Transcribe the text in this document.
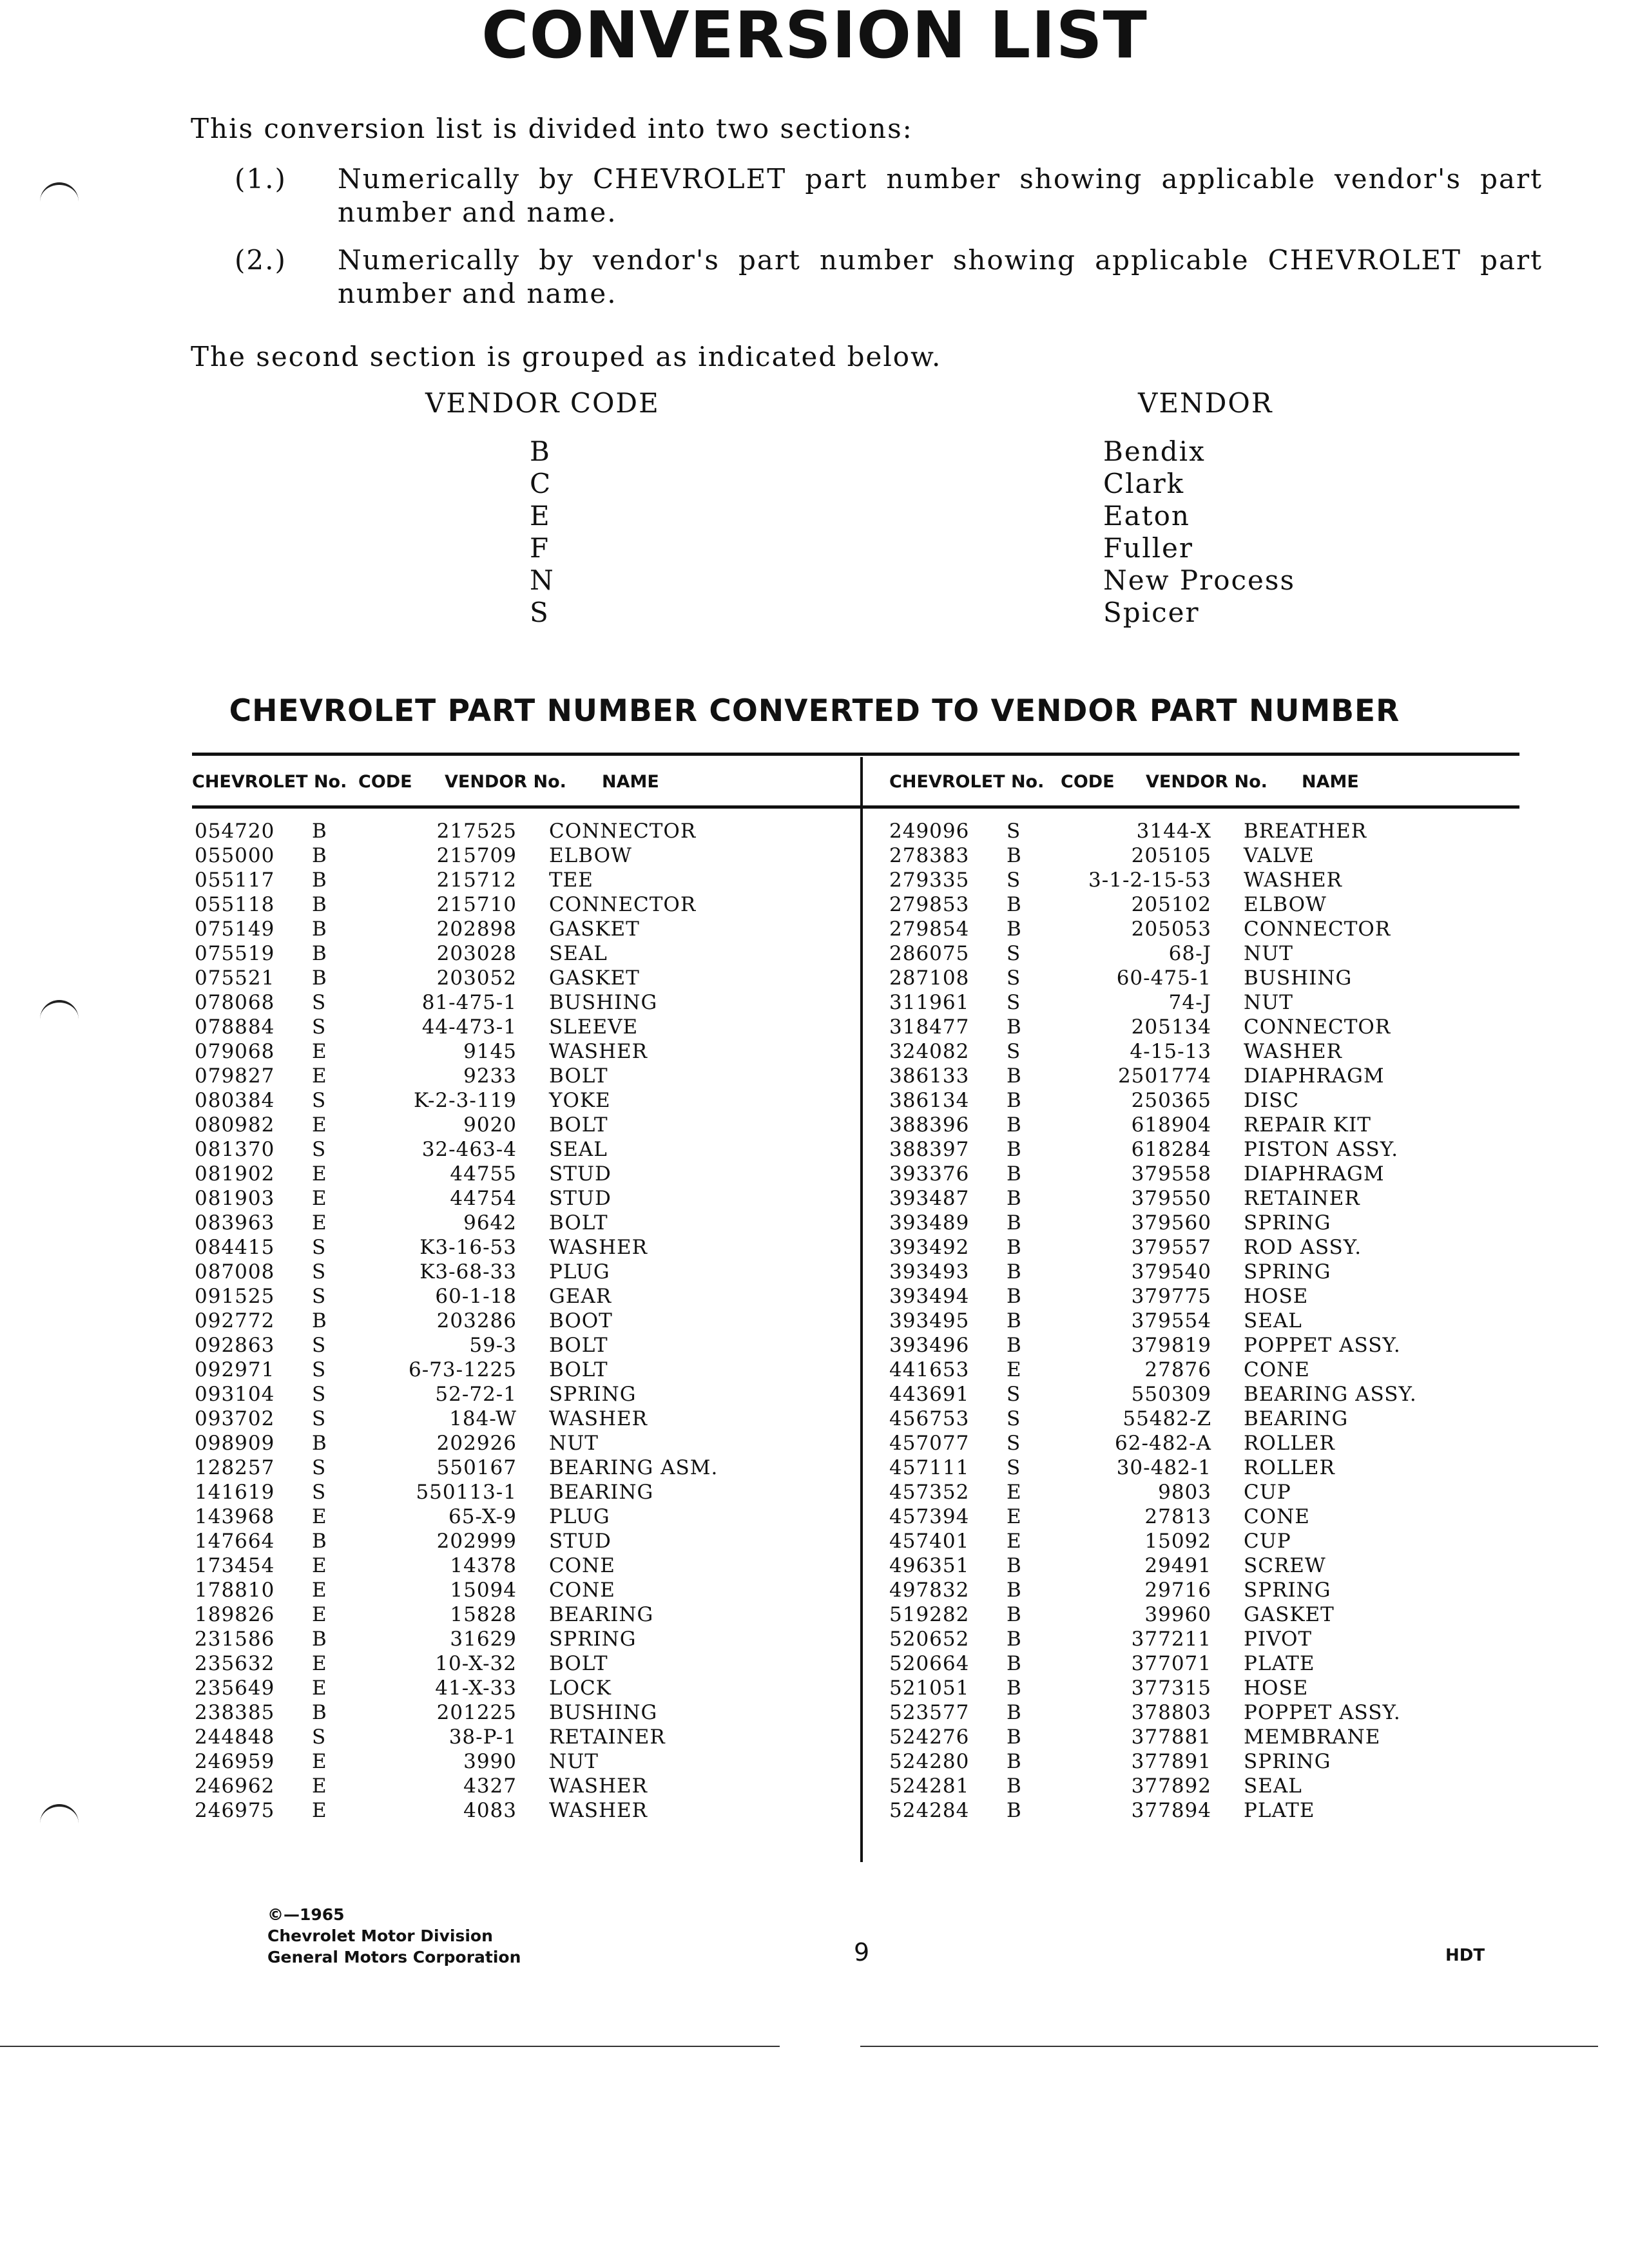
CONVERSION LIST
This conversion list is divided into two sections:
(1.) Numerically by CHEVROLET part number showing applicable vendor's part number and name.
(2.) Numerically by vendor's part number showing applicable CHEVROLET part number and name.
The second section is grouped as indicated below.
VENDOR CODE	VENDOR
B	Bendix
C	Clark
E	Eaton
F	Fuller
N	New Process
S	Spicer
CHEVROLET PART NUMBER CONVERTED TO VENDOR PART NUMBER
CHEVROLET No. CODE VENDOR No. NAME	CHEVROLET No. CODE VENDOR No. NAME
054720	B	217525 CONNECTOR
055000	B	215709 ELBOW
055117	B	215712 TEE
055118	B	215710 CONNECTOR
075149	B	202898 GASKET
075519	B	203028 SEAL
075521	B	203052 GASKET
078068	S	81-475-1 BUSHING
078884	S	44-473-1 SLEEVE
079068	E	9145 WASHER
079827	E	9233 BOLT
080384	S	K-2-3-119 YOKE
080982	E	9020 BOLT
081370	S	32-463-4 SEAL
081902	E	44755 STUD
081903	E	44754 STUD
083963	E	9642 BOLT
084415	S	K3-16-53 WASHER
087008	S	K3-68-33 PLUG
091525	S	60-1-18 GEAR
092772	B	203286 BOOT
092863	S	59-3 BOLT
092971	S	6-73-1225 BOLT
093104	S	52-72-1 SPRING
093702	S	184-W WASHER
098909	B	202926 NUT
128257	S	550167 BEARING ASM.
141619	S	550113-1 BEARING
143968	E	65-X-9 PLUG
147664	B	202999 STUD
173454	E	14378 CONE
178810	E	15094 CONE
189826	E	15828 BEARING
231586	B	31629 SPRING
235632	E	10-X-32 BOLT
235649	E	41-X-33 LOCK
238385	B	201225 BUSHING
244848	S	38-P-1 RETAINER
246959	E	3990 NUT
246962	E	4327 WASHER
246975	E	4083 WASHER
249096	S	3144-X BREATHER
278383	B	205105 VALVE
279335	S	3-1-2-15-53 WASHER
279853	B	205102 ELBOW
279854	B	205053 CONNECTOR
286075	S	68-J NUT
287108	S	60-475-1 BUSHING
311961	S	74-J NUT
318477	B	205134 CONNECTOR
324082	S	4-15-13 WASHER
386133	B	2501774 DIAPHRAGM
386134	B	250365 DISC
388396	B	618904 REPAIR KIT
388397	B	618284 PISTON ASSY.
393376	B	379558 DIAPHRAGM
393487	B	379550 RETAINER
393489	B	379560 SPRING
393492	B	379557 ROD ASSY.
393493	B	379540 SPRING
393494	B	379775 HOSE
393495	B	379554 SEAL
393496	B	379819 POPPET ASSY.
441653	E	27876 CONE
443691	S	550309 BEARING ASSY.
456753	S	55482-Z BEARING
457077	S	62-482-A ROLLER
457111	S	30-482-1 ROLLER
457352	E	9803 CUP
457394	E	27813 CONE
457401	E	15092 CUP
496351	B	29491 SCREW
497832	B	29716 SPRING
519282	B	39960 GASKET
520652	B	377211 PIVOT
520664	B	377071 PLATE
521051	B	377315 HOSE
523577	B	378803 POPPET ASSY.
524276	B	377881 MEMBRANE
524280	B	377891 SPRING
524281	B	377892 SEAL
524284	B	377894 PLATE
©—1965
Chevrolet Motor Division
General Motors Corporation	9	HDT
